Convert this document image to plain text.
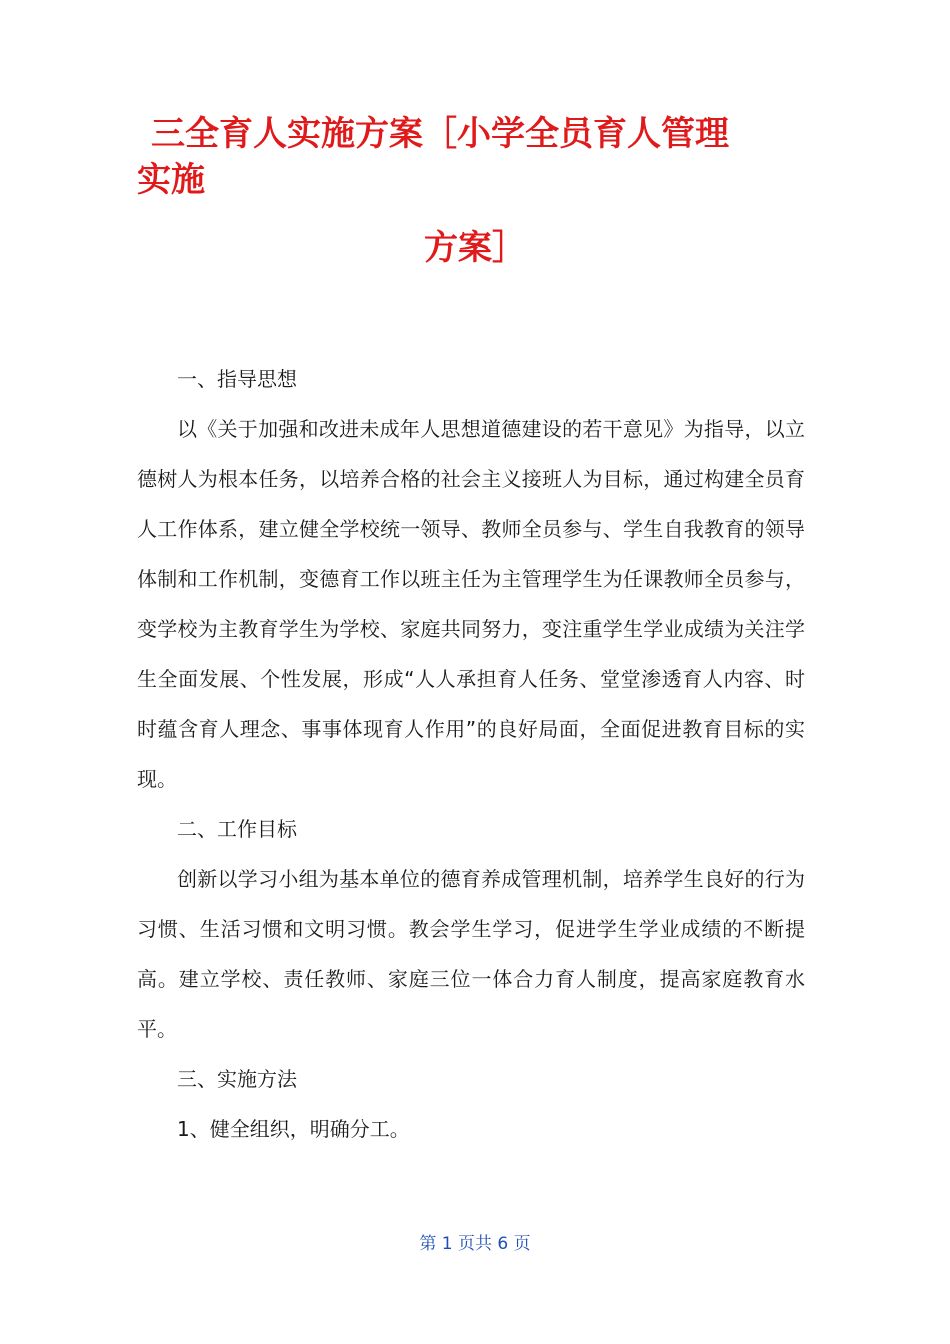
三全育人实施方案［小学全员育人管理
实施
方案］

一、指导思想

以《关于加强和改进未成年人思想道德建设的若干意见》为指导，以立德树人为根本任务，以培养合格的社会主义接班人为目标，通过构建全员育人工作体系，建立健全学校统一领导、教师全员参与、学生自我教育的领导体制和工作机制，变德育工作以班主任为主管理学生为任课教师全员参与，变学校为主教育学生为学校、家庭共同努力，变注重学生学业成绩为关注学生全面发展、个性发展，形成“人人承担育人任务、堂堂渗透育人内容、时时蕴含育人理念、事事体现育人作用”的良好局面，全面促进教育目标的实现。

二、工作目标

创新以学习小组为基本单位的德育养成管理机制，培养学生良好的行为习惯、生活习惯和文明习惯。教会学生学习，促进学生学业成绩的不断提高。建立学校、责任教师、家庭三位一体合力育人制度，提高家庭教育水平。

三、实施方法

1、健全组织，明确分工。

第 1 页共 6 页
